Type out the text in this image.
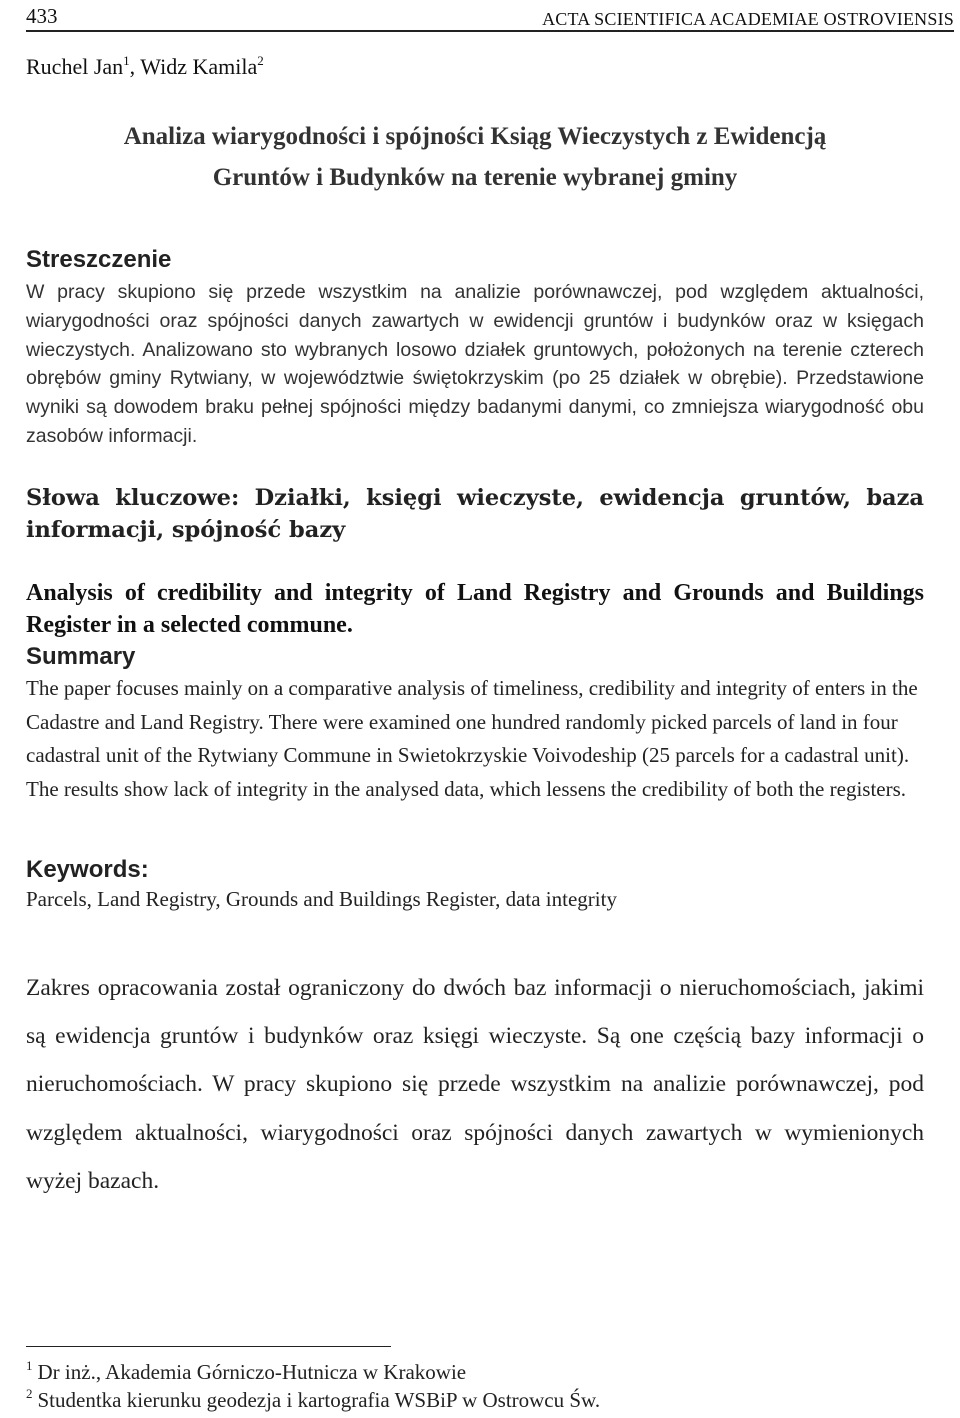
433	ACTA SCIENTIFICA ACADEMIAE OSTROVIENSIS
Ruchel Jan$^1$, Widz Kamila$^2$
Analiza wiarygodności i spójności Ksiąg Wieczystych z Ewidencją
Gruntów i Budynków na terenie wybranej gminy
Streszczenie
W pracy skupiono się przede wszystkim na analizie porównawczej, pod względem aktualności, wiarygodności oraz spójności danych zawartych w ewidencji gruntów i budynków oraz w księgach wieczystych. Analizowano sto wybranych losowo działek gruntowych, położonych na terenie czterech obrębów gminy Rytwiany, w województwie świętokrzyskim (po 25 działek w obrębie). Przedstawione wyniki są dowodem braku pełnej spójności między badanymi danymi, co zmniejsza wiarygodność obu zasobów informacji.
Słowa kluczowe: Działki, księgi wieczyste, ewidencja gruntów, baza informacji, spójność bazy
Analysis of credibility and integrity of Land Registry and Grounds and Buildings Register in a selected commune.
Summary
The paper focuses mainly on a comparative analysis of timeliness, credibility and integrity of enters in the Cadastre and Land Registry. There were examined one hundred randomly picked parcels of land in four cadastral unit of the Rytwiany Commune in Swietokrzyskie Voivodeship (25 parcels for a cadastral unit). The results show lack of integrity in the analysed data, which lessens the credibility of both the registers.
Keywords:
Parcels, Land Registry, Grounds and Buildings Register, data integrity
Zakres opracowania został ograniczony do dwóch baz informacji o nieruchomościach, jakimi są ewidencja gruntów i budynków oraz księgi wieczyste. Są one częścią bazy informacji o nieruchomościach. W pracy skupiono się przede wszystkim na analizie porównawczej, pod względem aktualności, wiarygodności oraz spójności danych zawartych w wymienionych wyżej bazach.
$^1$ Dr inż., Akademia Górniczo-Hutnicza w Krakowie
$^2$ Studentka kierunku geodezja i kartografia WSBiP w Ostrowcu Św.
